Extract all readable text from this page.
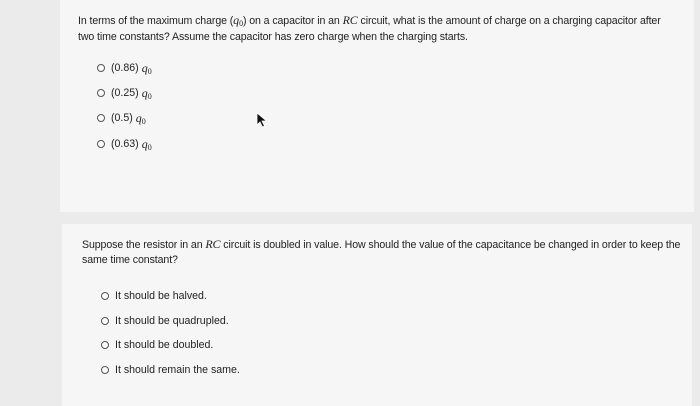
In terms of the maximum charge (q0) on a capacitor in an RC circuit, what is the amount of charge on a charging capacitor after two time constants? Assume the capacitor has zero charge when the charging starts.
(0.86) q0
(0.25) q0
(0.5) q0
(0.63) q0
Suppose the resistor in an RC circuit is doubled in value. How should the value of the capacitance be changed in order to keep the same time constant?
It should be halved.
It should be quadrupled.
It should be doubled.
It should remain the same.
